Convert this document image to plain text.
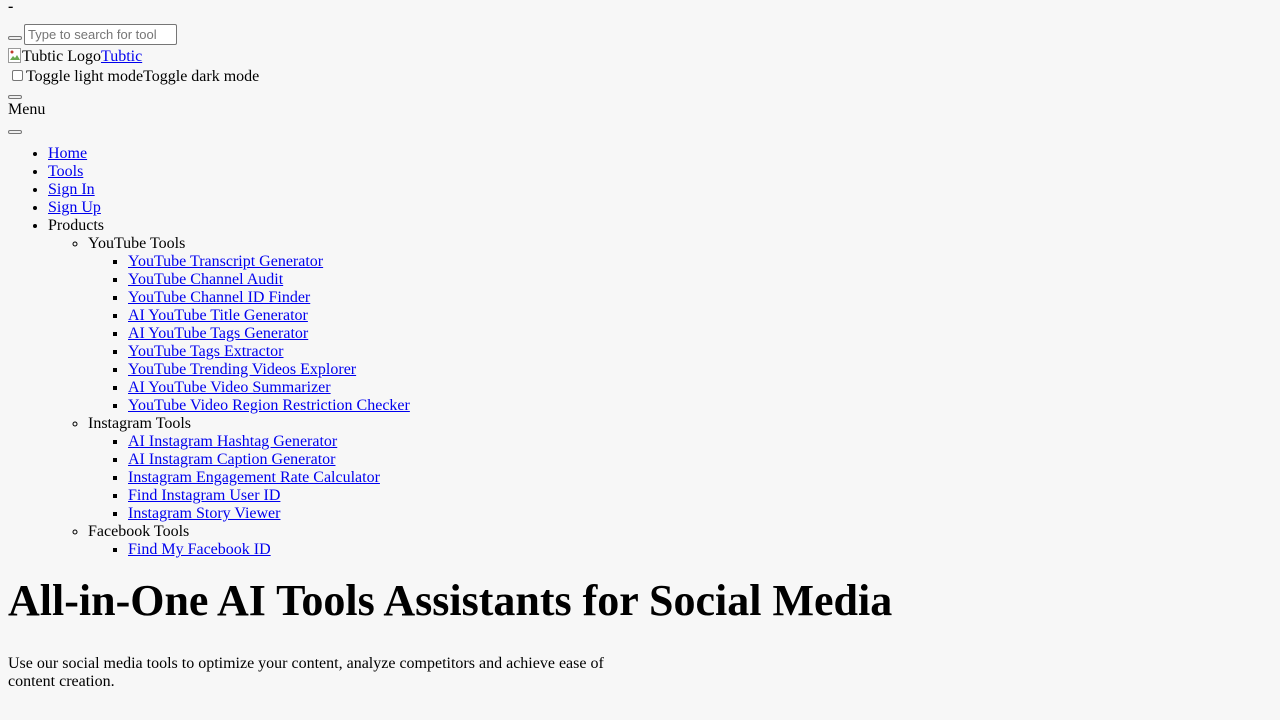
-
Type to search for tool
Tubtic LogoTubtic
Toggle light modeToggle dark mode
Menu
• Home
• Tools
• Sign In
• Sign Up
• Products
◦ YouTube Tools
▪ YouTube Transcript Generator
▪ YouTube Channel Audit
▪ YouTube Channel ID Finder
▪ AI YouTube Title Generator
▪ AI YouTube Tags Generator
▪ YouTube Tags Extractor
▪ YouTube Trending Videos Explorer
▪ AI YouTube Video Summarizer
▪ YouTube Video Region Restriction Checker
◦ Instagram Tools
▪ AI Instagram Hashtag Generator
▪ AI Instagram Caption Generator
▪ Instagram Engagement Rate Calculator
▪ Find Instagram User ID
▪ Instagram Story Viewer
◦ Facebook Tools
▪ Find My Facebook ID
All-in-One AI Tools Assistants for Social Media

Use our social media tools to optimize your content, analyze competitors and achieve ease of content creation.
